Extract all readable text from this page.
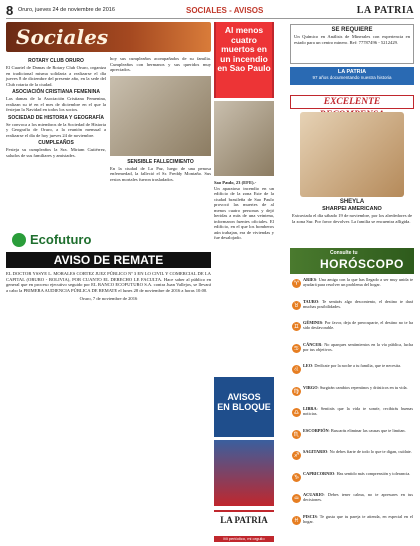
8 Oruro, jueves 24 de noviembre de 2016	SOCIALES - AVISOS	LA PATRIA
Sociales
ROTARY CLUB ORURO

El Cuartel de Damas de Rotary Club Oruro, organiza en tradicional misma solidaria a realizarse el día jueves 8 de diciembre del presente año, en la sede del Club rotaria de la ciudad.

ASOCIACIÓN CRISTIANA FEMENINA

Las damas de la Asociación Cristiana Femenina, realizan su té en el mes de diciembre en el que la festejan la Navidad en todos los socios.

SOCIEDAD DE HISTORIA Y GEOGRAFÍA

Se convoca a los miembros de la Sociedad de Historia y Geografía de Oruro, a la reunión mensual a realizarse el día de hoy jueves 24 de noviembre.

CUMPLEAÑOS

Festeja su cumpleaños la Sra. Miriam Gutiérrez, saludos de sus familiares y amistades.

hoy sus cumpleaños acompañados de su familia. Cumpleaños con hermanos y sus queridos muy apreciados.

SENSIBLE FALLECIMIENTO

En la ciudad de La Paz, luego de una penosa enfermedad, la falleció el Sr. Freddy Montaño. Sus restos mortales fueron trasladados.

Al menos cuatro muertos en un incendio en Sao Paulo
Sao Paulo, 23 (EFE).-

Un aparatoso incendio en un edificio de la zona Este de la ciudad brasileña de Sao Paulo provocó las muertes de al menos cuatro personas y dejó heridas a más de una veintena, informaron fuentes oficiales. El edificio, en el que los bomberos aún trabajan, era de viviendas y fue desalojado.

SE REQUIERE
Un Químico en Análisis de Minerales con experiencia en estado para un centro minero. Ref: 77787496 - 5212429.
LA PATRIA
97 años documentando nuestra historia
EXCELENTE
SHEYLA
SHARPEI AMERICANO
Extraviada el día sábado 19 de noviembre, por los alrededores de la zona Sur. Por favor devolver. La familia se encuentra afligida.
Consulte tu
HORÓSCOPO
♈
ARIES: Una amiga con la que has llegado a ser muy unida te ayudará para resolver un problema del hogar.
♉
TAURO: Te sentirás algo descontento, el destino te dará muchas posibilidades.
♊
GÉMINIS: Por favor, deja de preocuparte, el destino no te ha sido desfavorable.
♋
CÁNCER: No aparques sentimientos en la vía pública, lucha por tus objetivos.
♌
LEO: Dedícate por la noche a tu familia, que te necesita.
♍
VIRGO: Surgirán cambios repentinos y drásticos en tu vida.
♎
LIBRA: Sentirás que la vida te sonríe, recibirás buenas noticias.
♏
ESCORPIÓN: Buscarás eliminar las causas que te limitan.
♐
SAGITARIO: No debes fiarte de todo lo que te digan, cuídate.
♑
CAPRICORNIO: Has sentido más comprensión y tolerancia.
♒
ACUARIO: Debes tener calma, no te apresures en tus decisiones.
♓
PISCIS: Te gusta que tu pareja te atienda, en especial en el hogar.
Ecofuturo
AVISO DE REMATE

EL DOCTOR YSSYE L. MORALES CORTEZ JUEZ PÚBLICO Nº 3 EN LO CIVIL Y COMERCIAL DE LA CAPITAL (ORURO - BOLIVIA), POR CUANTO EL DERECHO LE FACULTA. Hace saber al público en general que en proceso ejecutivo seguido por EL BANCO ECOFUTURO S.A. contra Juan Vallejos, se llevará a cabo la PRIMERA AUDIENCIA PÚBLICA DE REMATE el lunes 28 de noviembre de 2016 a horas 10:00.

Oruro, 7 de noviembre de 2016

AVISOS
EN BLOQUE
LA PATRIA
Mi periódico, mi orgullo
